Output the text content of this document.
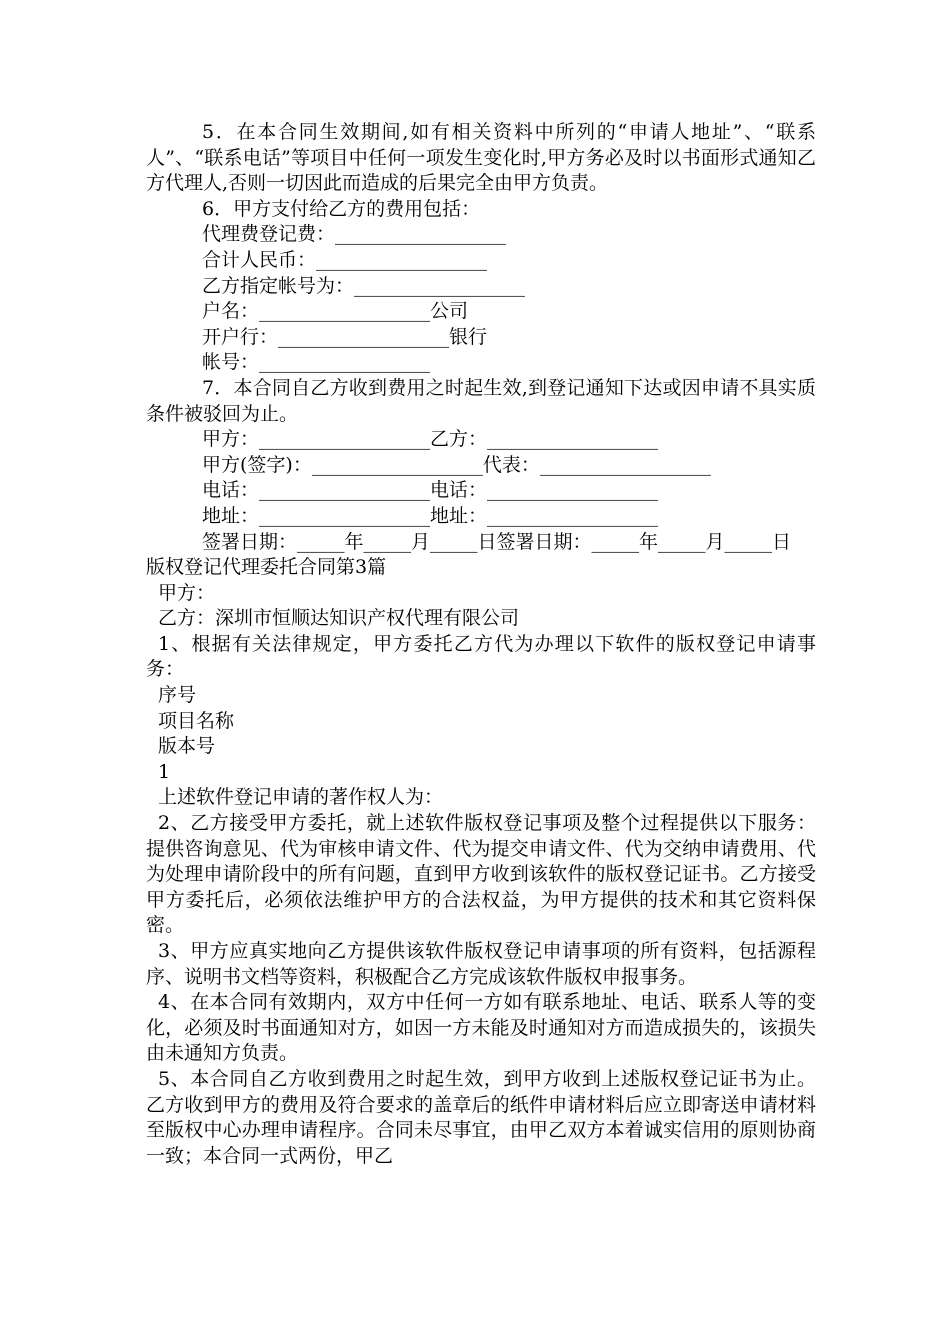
5．在本合同生效期间,如有相关资料中所列的“申请人地址”、“联系人”、“联系电话”等项目中任何一项发生变化时,甲方务必及时以书面形式通知乙方代理人,否则一切因此而造成的后果完全由甲方负责。

6．甲方支付给乙方的费用包括：

代理费登记费：__________________

合计人民币：__________________

乙方指定帐号为：__________________

户名：__________________公司

开户行：__________________银行

帐号：__________________

7．本合同自乙方收到费用之时起生效,到登记通知下达或因申请不具实质条件被驳回为止。

甲方：__________________乙方：__________________

甲方(签字)：__________________代表：__________________

电话：__________________电话：__________________

地址：__________________地址：__________________

签署日期：_____年_____月_____日签署日期：_____年_____月_____日

版权登记代理委托合同第3篇

甲方：

乙方：深圳市恒顺达知识产权代理有限公司

1、根据有关法律规定，甲方委托乙方代为办理以下软件的版权登记申请事务：

序号

项目名称

版本号

1

上述软件登记申请的著作权人为：

2、乙方接受甲方委托，就上述软件版权登记事项及整个过程提供以下服务：提供咨询意见、代为审核申请文件、代为提交申请文件、代为交纳申请费用、代为处理申请阶段中的所有问题，直到甲方收到该软件的版权登记证书。乙方接受甲方委托后，必须依法维护甲方的合法权益，为甲方提供的技术和其它资料保密。

3、甲方应真实地向乙方提供该软件版权登记申请事项的所有资料，包括源程序、说明书文档等资料，积极配合乙方完成该软件版权申报事务。

4、在本合同有效期内，双方中任何一方如有联系地址、电话、联系人等的变化，必须及时书面通知对方，如因一方未能及时通知对方而造成损失的，该损失由未通知方负责。

5、本合同自乙方收到费用之时起生效，到甲方收到上述版权登记证书为止。乙方收到甲方的费用及符合要求的盖章后的纸件申请材料后应立即寄送申请材料至版权中心办理申请程序。合同未尽事宜，由甲乙双方本着诚实信用的原则协商一致；本合同一式两份，甲乙
